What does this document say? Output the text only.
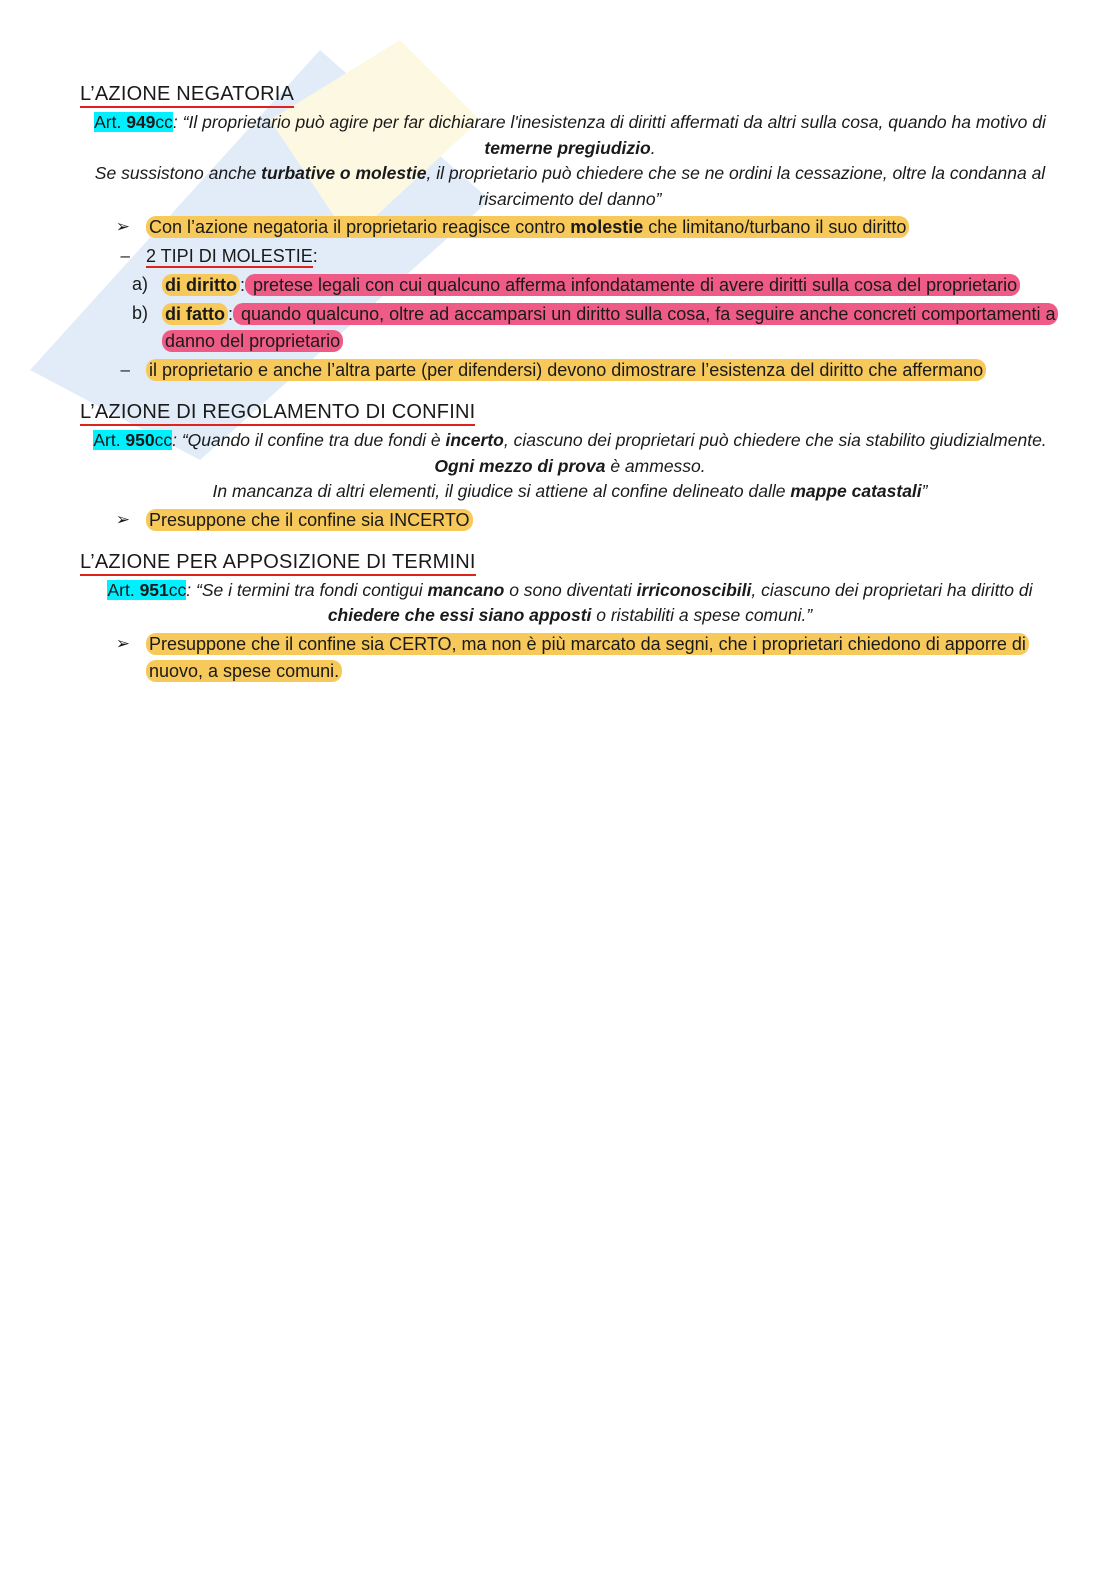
L’AZIONE NEGATORIA
Art. 949cc: “Il proprietario può agire per far dichiarare l'inesistenza di diritti affermati da altri sulla cosa, quando ha motivo di temerne pregiudizio.
Se sussistono anche turbative o molestie, il proprietario può chiedere che se ne ordini la cessazione, oltre la condanna al risarcimento del danno”
➢	Con l’azione negatoria il proprietario reagisce contro molestie che limitano/turbano il suo diritto
– 2 TIPI DI MOLESTIE:
a) di diritto : pretese legali con cui qualcuno afferma infondatamente di avere diritti sulla cosa del proprietario
b) di fatto : quando qualcuno, oltre ad accamparsi un diritto sulla cosa, fa seguire anche concreti comportamenti a danno del proprietario
–	il proprietario e anche l’altra parte (per difendersi) devono dimostrare l’esistenza del diritto che affermano
L’AZIONE DI REGOLAMENTO DI CONFINI
Art. 950cc: “Quando il confine tra due fondi è incerto, ciascuno dei proprietari può chiedere che sia stabilito giudizialmente. Ogni mezzo di prova è ammesso.
In mancanza di altri elementi, il giudice si attiene al confine delineato dalle mappe catastali”
➢	Presuppone che il confine sia INCERTO
L’AZIONE PER APPOSIZIONE DI TERMINI
Art. 951cc: “Se i termini tra fondi contigui mancano o sono diventati irriconoscibili, ciascuno dei proprietari ha diritto di chiedere che essi siano apposti o ristabiliti a spese comuni.”
➢	Presuppone che il confine sia CERTO, ma non è più marcato da segni, che i proprietari chiedono di apporre di nuovo, a spese comuni.
